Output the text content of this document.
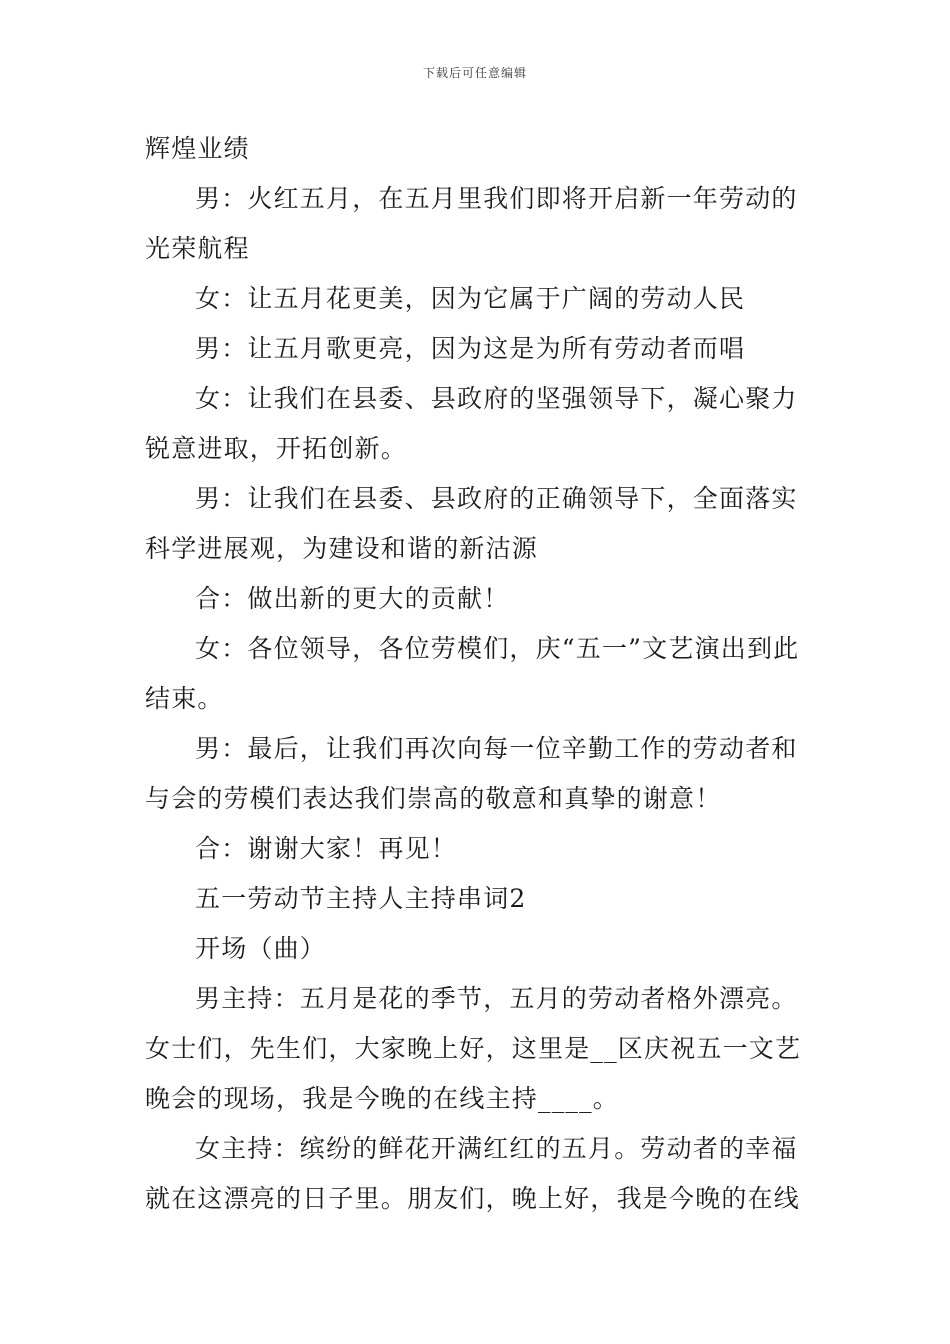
下载后可任意编辑

辉煌业绩

男：火红五月，在五月里我们即将开启新一年劳动的光荣航程

女：让五月花更美，因为它属于广阔的劳动人民

男：让五月歌更亮，因为这是为所有劳动者而唱

女：让我们在县委、县政府的坚强领导下，凝心聚力锐意进取，开拓创新。

男：让我们在县委、县政府的正确领导下，全面落实科学进展观，为建设和谐的新沽源

合：做出新的更大的贡献！

女：各位领导，各位劳模们，庆“五一”文艺演出到此结束。

男：最后，让我们再次向每一位辛勤工作的劳动者和与会的劳模们表达我们崇高的敬意和真挚的谢意！

合：谢谢大家！再见！

五一劳动节主持人主持串词2

开场（曲）

男主持：五月是花的季节，五月的劳动者格外漂亮。女士们，先生们，大家晚上好，这里是__区庆祝五一文艺晚会的现场，我是今晚的在线主持____。

女主持：缤纷的鲜花开满红红的五月。劳动者的幸福就在这漂亮的日子里。朋友们，晚上好，我是今晚的在线
